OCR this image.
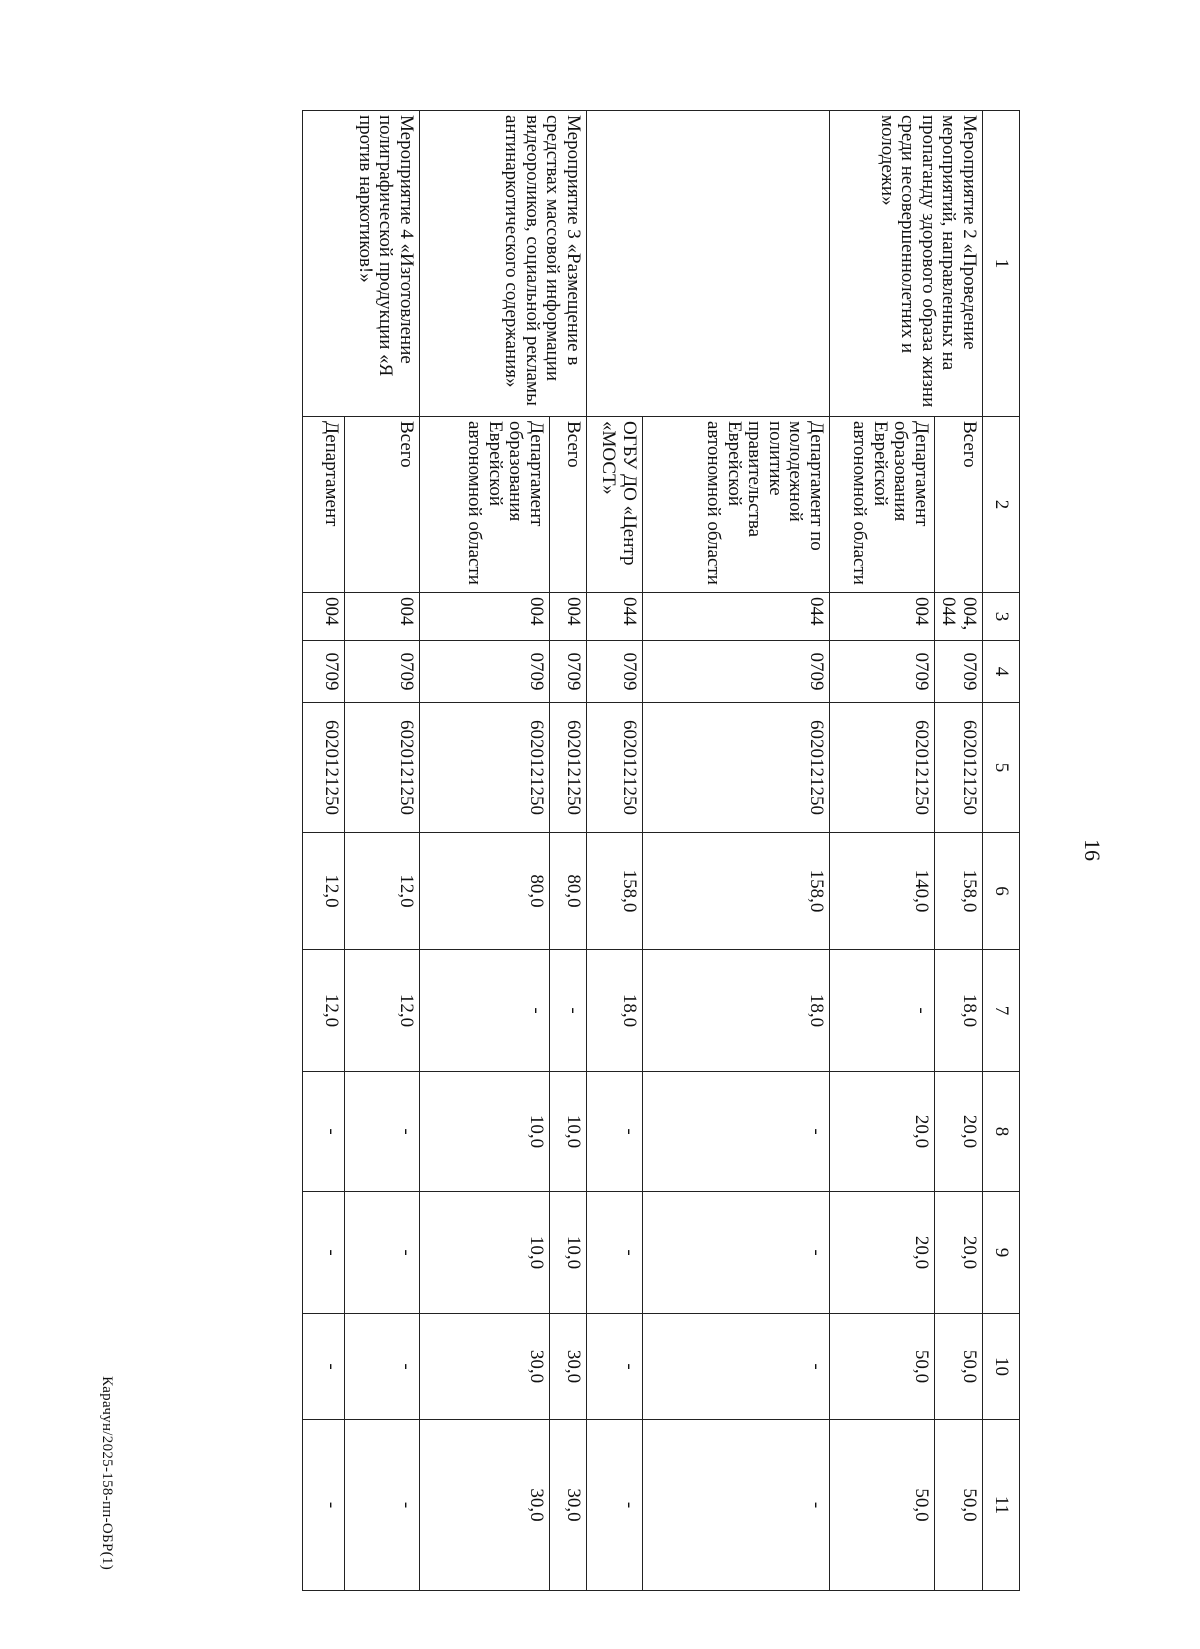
16
1	2	3	4	5	6	7	8	9	10	11
Мероприятие 2 «Проведение мероприятий, направленных на пропаганду здорового образа жизни среди несовершеннолетних и молодежи»	Всего	004, 044	0709	6020121250	158,0	18,0	20,0	20,0	50,0	50,0
	Департамент образования Еврейской автономной области	004	0709	6020121250	140,0	-	20,0	20,0	50,0	50,0
	Департамент по молодежной политике правительства Еврейской автономной области	044	0709	6020121250	158,0	18,0	-	-	-	-
	ОГБУ ДО «Центр «МОСТ»	044	0709	6020121250	158,0	18,0	-	-	-	-
Мероприятие 3 «Размещение в средствах массовой информации видеороликов, социальной рекламы антинаркотического содержания»	Всего	004	0709	6020121250	80,0	-	10,0	10,0	30,0	30,0
	Департамент образования Еврейской автономной области	004	0709	6020121250	80,0	-	10,0	10,0	30,0	30,0
Мероприятие 4 «Изготовление полиграфической продукции «Я против наркотиков!»	Всего	004	0709	6020121250	12,0	12,0	-	-	-	-
	Департамент	004	0709	6020121250	12,0	12,0	-	-	-	-
Карачун/2025-158-пп-ОБР(1)
